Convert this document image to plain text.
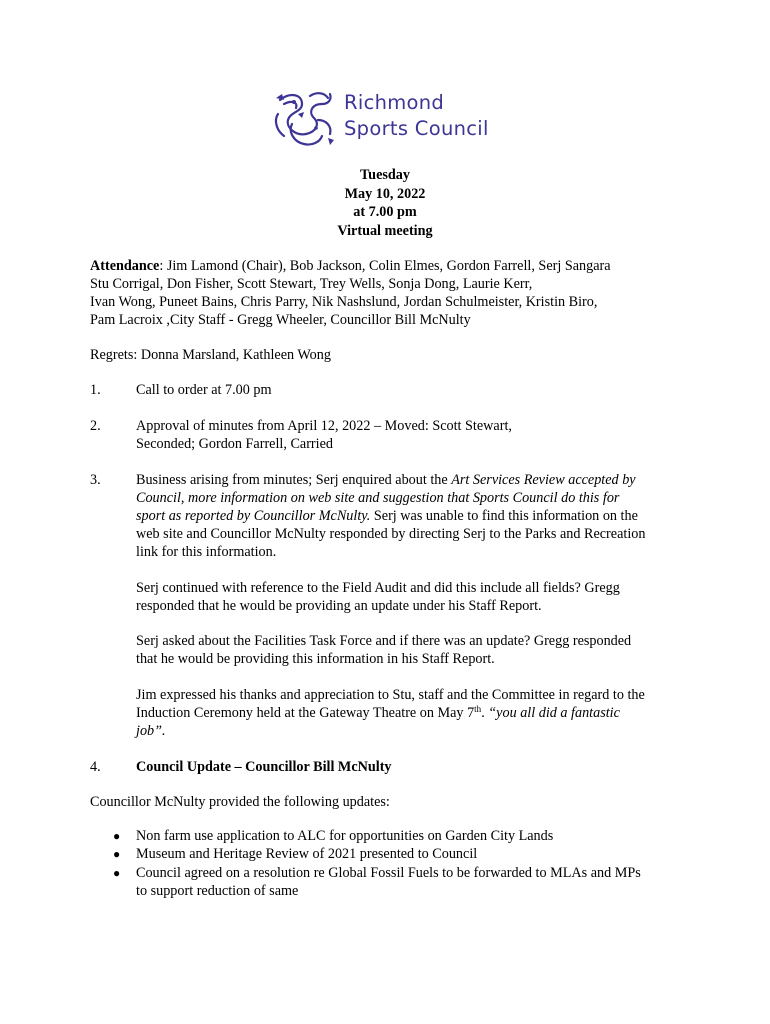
Richmond
Sports Council
Tuesday
May 10, 2022
at 7.00 pm
Virtual meeting
Attendance: Jim Lamond (Chair), Bob Jackson, Colin Elmes, Gordon Farrell, Serj Sangara
Stu Corrigal, Don Fisher, Scott Stewart, Trey Wells, Sonja Dong, Laurie Kerr,
Ivan Wong, Puneet Bains, Chris Parry, Nik Nashslund, Jordan Schulmeister, Kristin Biro,
Pam Lacroix ,City Staff - Gregg Wheeler, Councillor Bill McNulty
Regrets: Donna Marsland, Kathleen Wong
1. Call to order at 7.00 pm
2. Approval of minutes from April 12, 2022 – Moved: Scott Stewart,
Seconded; Gordon Farrell, Carried
3. Business arising from minutes; Serj enquired about the Art Services Review accepted by
Council, more information on web site and suggestion that Sports Council do this for
sport as reported by Councillor McNulty. Serj was unable to find this information on the
web site and Councillor McNulty responded by directing Serj to the Parks and Recreation
link for this information.
Serj continued with reference to the Field Audit and did this include all fields? Gregg
responded that he would be providing an update under his Staff Report.
Serj asked about the Facilities Task Force and if there was an update? Gregg responded
that he would be providing this information in his Staff Report.
Jim expressed his thanks and appreciation to Stu, staff and the Committee in regard to the
Induction Ceremony held at the Gateway Theatre on May 7th. “you all did a fantastic
job”.
4. Council Update – Councillor Bill McNulty
Councillor McNulty provided the following updates:
● Non farm use application to ALC for opportunities on Garden City Lands
● Museum and Heritage Review of 2021 presented to Council
● Council agreed on a resolution re Global Fossil Fuels to be forwarded to MLAs and MPs
to support reduction of same
